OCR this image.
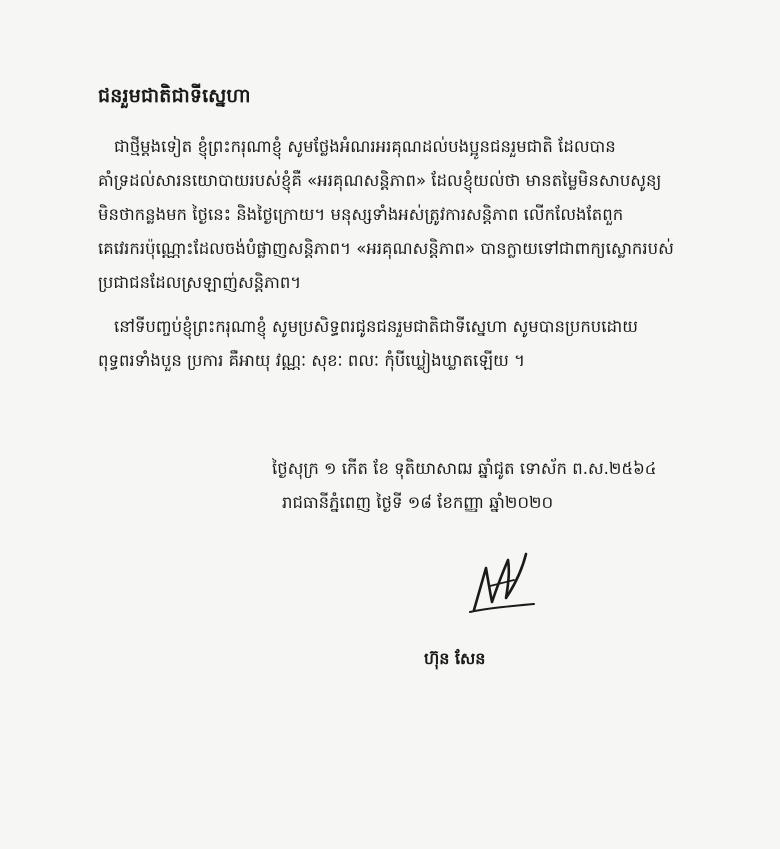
ជនរួមជាតិជាទីស្នេហា
ជាថ្មីម្តងទៀត ខ្ញុំព្រះករុណាខ្ញុំ សូមថ្លែងអំណរអរគុណដល់បងប្អូនជនរួមជាតិ ដែលបាន
គាំទ្រដល់សារនយោបាយរបស់ខ្ញុំគឺ «អរគុណសន្តិភាព» ដែលខ្ញុំយល់ថា មានតម្លៃមិនសាបសូន្យ
មិនថាកន្លងមក ថ្ងៃនេះ និងថ្ងៃក្រោយ។ មនុស្សទាំងអស់ត្រូវការសន្តិភាព លើកលែងតែពួក
គេវេរករប៉ុណ្ណោះដែលចង់បំផ្លាញសន្តិភាព។ «អរគុណសន្តិភាព» បានក្លាយទៅជាពាក្យស្លោករបស់
ប្រជាជនដែលស្រឡាញ់សន្តិភាព។
នៅទីបញ្ចប់ខ្ញុំព្រះករុណាខ្ញុំ សូមប្រសិទ្ធពរជូនជនរួមជាតិជាទីស្នេហា សូមបានប្រកបដោយ
ពុទ្ធពរទាំងបួន ប្រការ គឺអាយុ វណ្ណៈ សុខៈ ពលៈ កុំបីឃ្លៀងឃ្លាតឡើយ ។
ថ្ងៃសុក្រ ១ កើត ខែ ទុតិយាសាឍ ឆ្នាំជូត ទោស័ក ព.ស.២៥៦៤
រាជធានីភ្នំពេញ ថ្ងៃទី ១៨ ខែកញ្ញា ឆ្នាំ២០២០
ហ៊ុន សែន
